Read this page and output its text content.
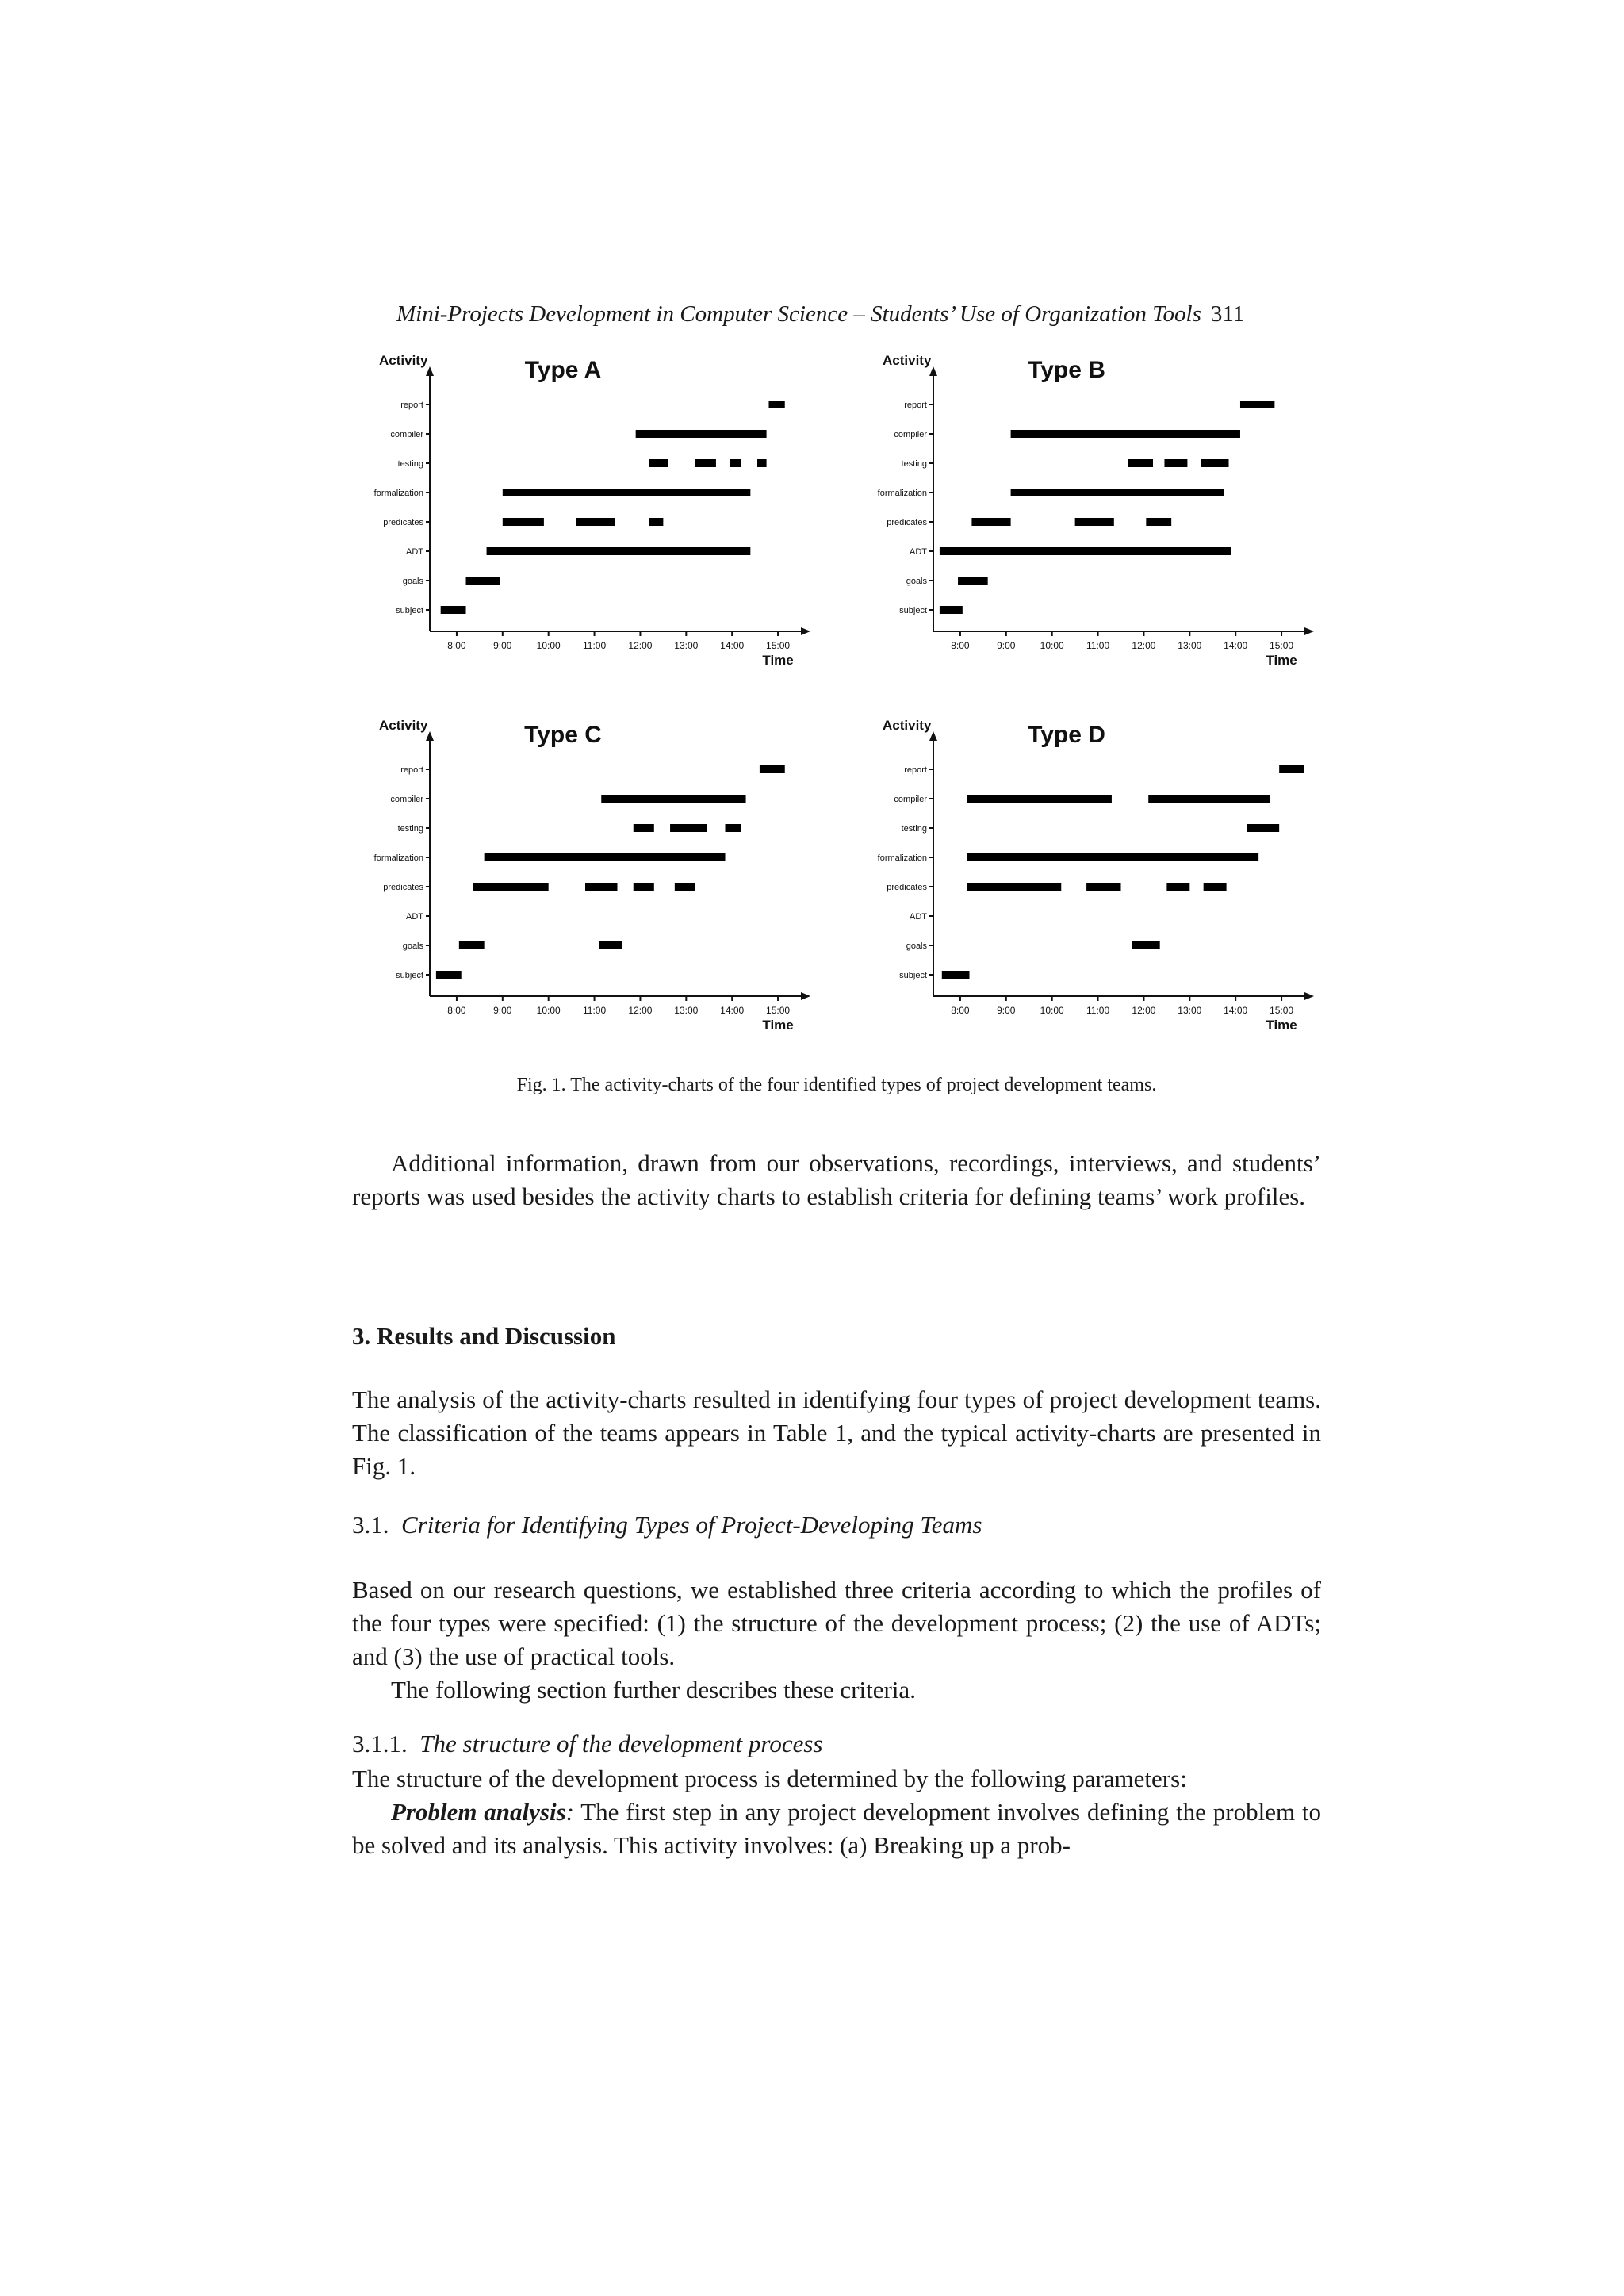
Mini-Projects Development in Computer Science – Students’ Use of Organization Tools 311
Type A
Activity
report
compiler
testing
formalization
predicates
ADT
goals
subject
8:00	9:00	10:00 11:00 12:00 13:00 14:00 15:00
Time
Type B
Activity
report
compiler
testing
formalization
predicates
ADT
goals
subject
8:00	9:00	10:00 11:00 12:00 13:00 14:00 15:00
Time
Type C
Activity
report
compiler
testing
formalization
predicates
ADT
goals
subject
8:00	9:00	10:00 11:00 12:00 13:00 14:00 15:00
Time
Type D
Activity
report
compiler
testing
formalization
predicates
ADT
goals
subject
8:00	9:00	10:00 11:00 12:00 13:00 14:00 15:00
Time
Fig. 1. The activity-charts of the four identified types of project development teams.

Additional information, drawn from our observations, recordings, interviews, and students’ reports was used besides the activity charts to establish criteria for defining teams’ work profiles.

3. Results and Discussion

The analysis of the activity-charts resulted in identifying four types of project development teams. The classification of the teams appears in Table 1, and the typical activity-charts are presented in Fig. 1.

3.1. Criteria for Identifying Types of Project-Developing Teams

Based on our research questions, we established three criteria according to which the profiles of the four types were specified: (1) the structure of the development process; (2) the use of ADTs; and (3) the use of practical tools.

The following section further describes these criteria.

3.1.1. The structure of the development process

The structure of the development process is determined by the following parameters:

Problem analysis: The first step in any project development involves defining the problem to be solved and its analysis. This activity involves: (a) Breaking up a prob-
